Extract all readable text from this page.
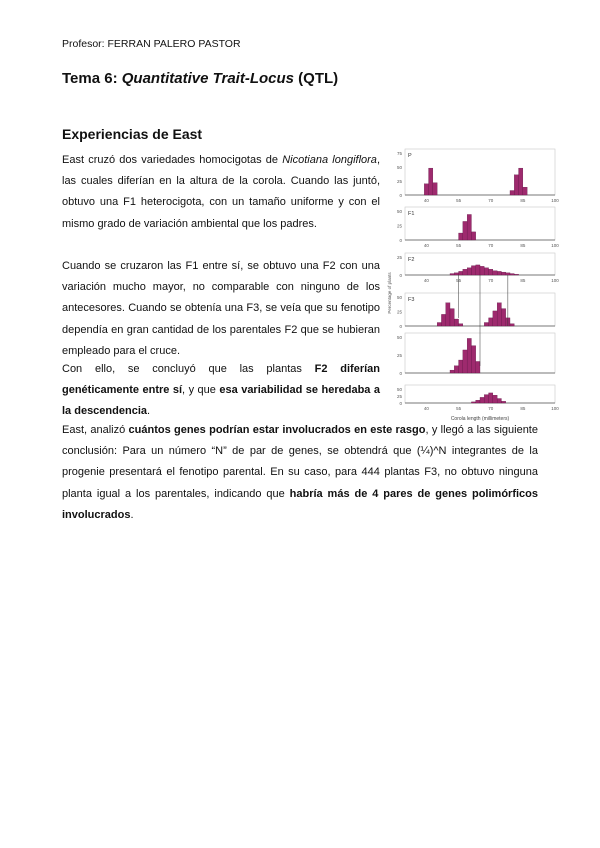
Profesor: FERRAN PALERO PASTOR
Tema 6: Quantitative Trait-Locus (QTL)
Experiencias de East
East cruzó dos variedades homocigotas de Nicotiana longiflora, las cuales diferían en la altura de la corola. Cuando las juntó, obtuvo una F1 heterocigota, con un tamaño uniforme y con el mismo grado de variación ambiental que los padres.
Cuando se cruzaron las F1 entre sí, se obtuvo una F2 con una variación mucho mayor, no comparable con ninguno de los antecesores. Cuando se obtenía una F3, se veía que su fenotipo dependía en gran cantidad de los parentales F2 que se hubieran empleado para el cruce.
Con ello, se concluyó que las plantas F2 diferían genéticamente entre sí, y que esa variabilidad se heredaba a la descendencia.
East, analizó cuántos genes podrían estar involucrados en este rasgo, y llegó a las siguiente conclusión: Para un número “N” de par de genes, se obtendrá que (¼)^N integrantes de la progenie presentará el fenotipo parental. En su caso, para 444 plantas F3, no obtuvo ninguna planta igual a los parentales, indicando que habría más de 4 pares de genes polimórficos involucrados.
P
75
50
25
0
40	55	70	85	100
F1
50
25
0
40	55	70	85	100
F2
25
0
40	55	70	85	100
F3
50
25
0
50
25
0
50
25
0
40	55	70	85	100
Percentage of plants
Corola length (millimeters)
